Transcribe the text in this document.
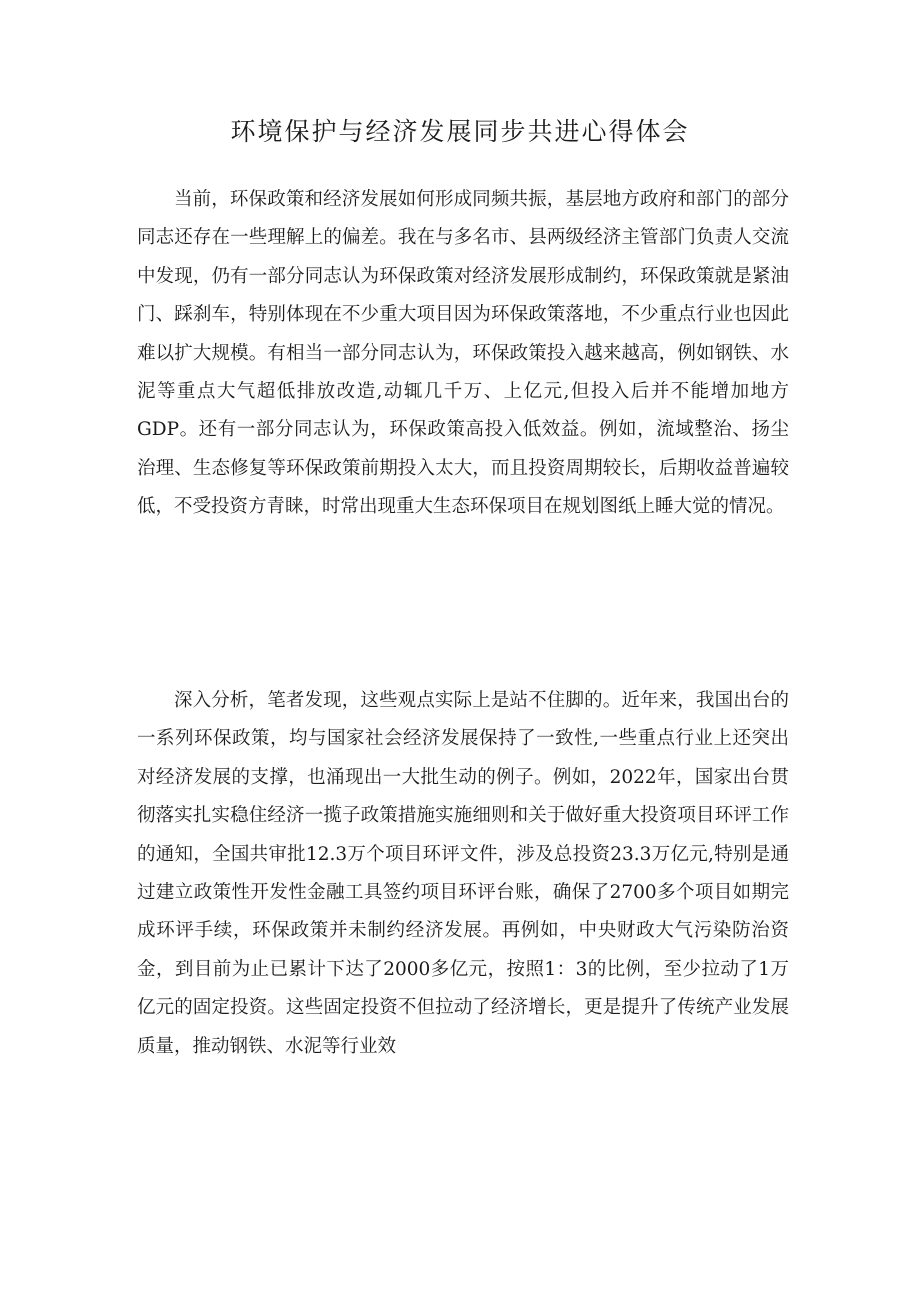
环境保护与经济发展同步共进心得体会

当前，环保政策和经济发展如何形成同频共振，基层地方政府和部门的部分同志还存在一些理解上的偏差。我在与多名市、县两级经济主管部门负责人交流中发现，仍有一部分同志认为环保政策对经济发展形成制约，环保政策就是紧油门、踩刹车，特别体现在不少重大项目因为环保政策落地，不少重点行业也因此难以扩大规模。有相当一部分同志认为，环保政策投入越来越高，例如钢铁、水泥等重点大气超低排放改造,动辄几千万、上亿元,但投入后并不能增加地方GDP。还有一部分同志认为，环保政策高投入低效益。例如，流域整治、扬尘治理、生态修复等环保政策前期投入太大，而且投资周期较长，后期收益普遍较低，不受投资方青睐，时常出现重大生态环保项目在规划图纸上睡大觉的情况。

深入分析，笔者发现，这些观点实际上是站不住脚的。近年来，我国出台的一系列环保政策，均与国家社会经济发展保持了一致性,一些重点行业上还突出对经济发展的支撑，也涌现出一大批生动的例子。例如，2022年，国家出台贯彻落实扎实稳住经济一揽子政策措施实施细则和关于做好重大投资项目环评工作的通知，全国共审批12.3万个项目环评文件，涉及总投资23.3万亿元,特别是通过建立政策性开发性金融工具签约项目环评台账，确保了2700多个项目如期完成环评手续，环保政策并未制约经济发展。再例如，中央财政大气污染防治资金，到目前为止已累计下达了2000多亿元，按照1：3的比例，至少拉动了1万亿元的固定投资。这些固定投资不但拉动了经济增长，更是提升了传统产业发展质量，推动钢铁、水泥等行业效
